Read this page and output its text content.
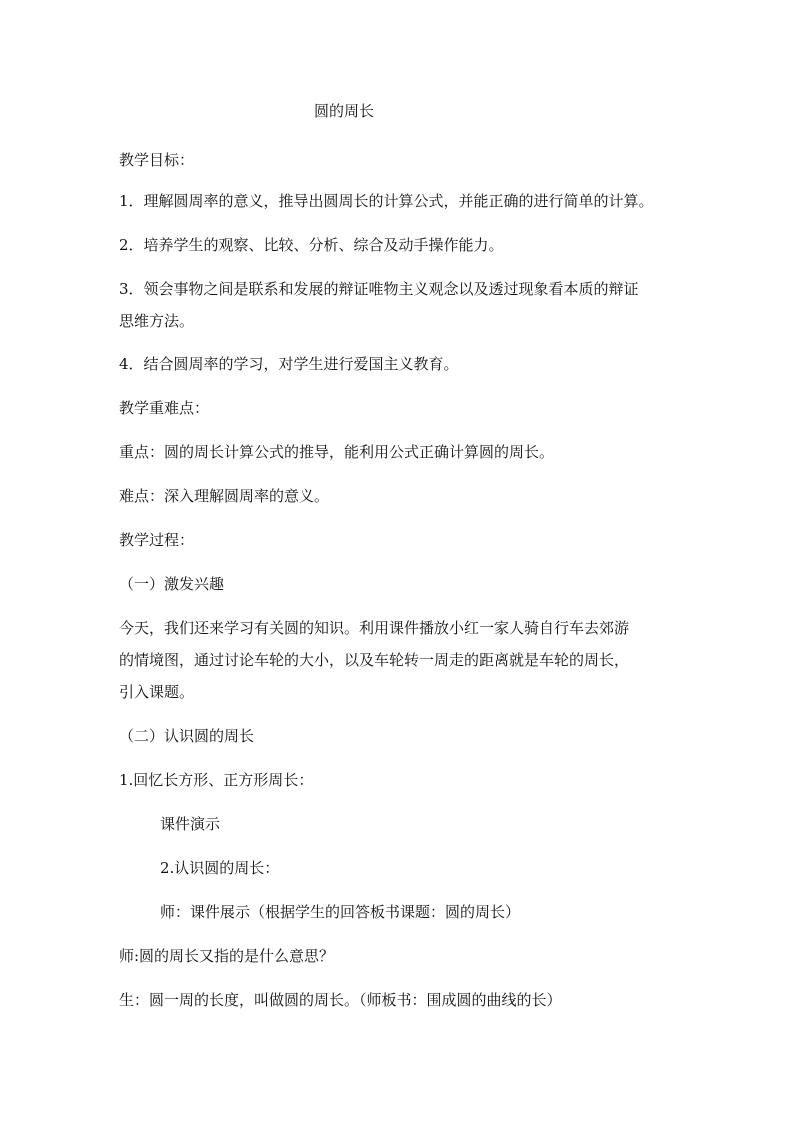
圆的周长
教学目标：
1．理解圆周率的意义，推导出圆周长的计算公式，并能正确的进行简单的计算。
2．培养学生的观察、比较、分析、综合及动手操作能力。
3．领会事物之间是联系和发展的辩证唯物主义观念以及透过现象看本质的辩证
思维方法。
4．结合圆周率的学习，对学生进行爱国主义教育。
教学重难点：
重点：圆的周长计算公式的推导，能利用公式正确计算圆的周长。
难点：深入理解圆周率的意义。
教学过程：
（一）激发兴趣
今天，我们还来学习有关圆的知识。利用课件播放小红一家人骑自行车去郊游
的情境图，通过讨论车轮的大小，以及车轮转一周走的距离就是车轮的周长，
引入课题。
（二）认识圆的周长
1.回忆长方形、正方形周长：
课件演示
2.认识圆的周长：
师：课件展示（根据学生的回答板书课题：圆的周长）
师:圆的周长又指的是什么意思？
生：圆一周的长度，叫做圆的周长。（师板书：围成圆的曲线的长）
